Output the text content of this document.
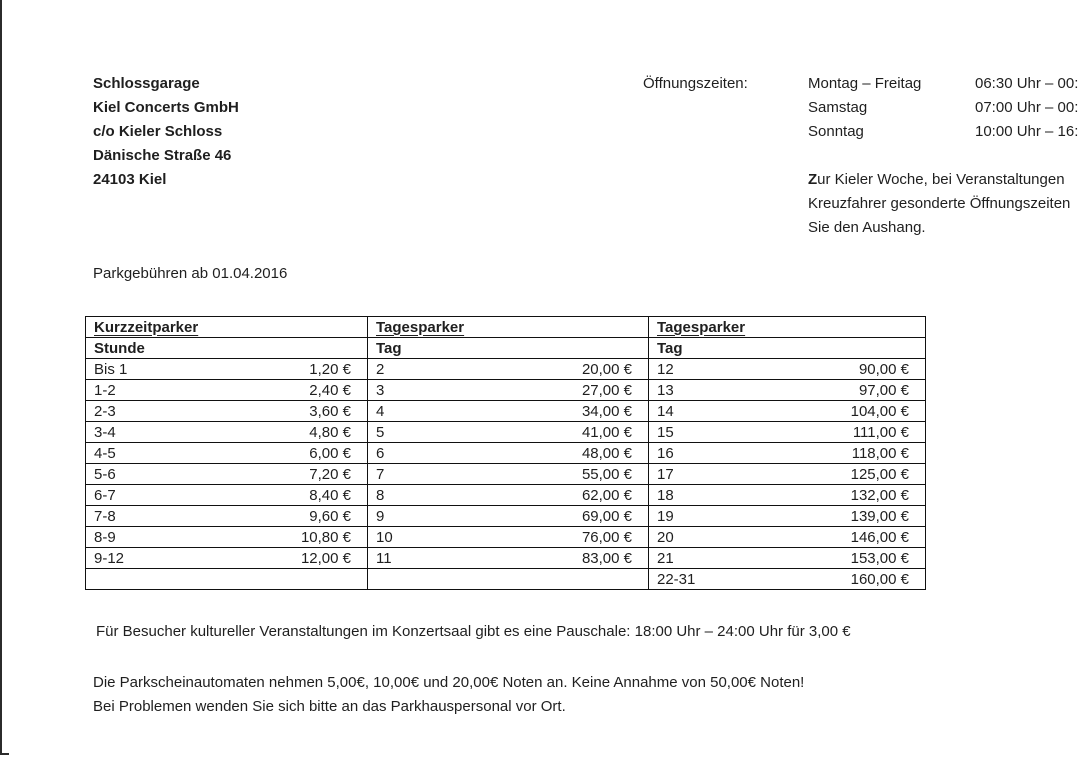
Schlossgarage
Kiel Concerts GmbH
c/o Kieler Schloss
Dänische Straße 46
24103 Kiel
Öffnungszeiten:	Montag – Freitag	06:30 Uhr – 00:
Samstag	07:00 Uhr – 00:
Sonntag	10:00 Uhr – 16:
Zur Kieler Woche, bei Veranstaltungen
Kreuzfahrer gesonderte Öffnungszeiten
Sie den Aushang.
Parkgebühren ab 01.04.2016
Kurzzeitparker	Tagesparker	Tagesparker
Stunde	Tag	Tag

Bis 1 1,20 €	2 20,00 €	12 90,00 €

1-2 2,40 €	3 27,00 €	13 97,00 €

2-3 3,60 €	4 34,00 €	14 104,00 €

3-4 4,80 €	5 41,00 €	15 111,00 €

4-5 6,00 €	6 48,00 €	16 118,00 €

5-6 7,20 €	7 55,00 €	17 125,00 €

6-7 8,40 €	8 62,00 €	18 132,00 €

7-8 9,60 €	9 69,00 €	19 139,00 €

8-9 10,80 €	10 76,00 €	20 146,00 €

9-12 12,00 €	11 83,00 €	21 153,00 €

		22-31 160,00 €
Für Besucher kultureller Veranstaltungen im Konzertsaal gibt es eine Pauschale: 18:00 Uhr – 24:00 Uhr für 3,00 €
Die Parkscheinautomaten nehmen 5,00€, 10,00€ und 20,00€ Noten an. Keine Annahme von 50,00€ Noten!
Bei Problemen wenden Sie sich bitte an das Parkhauspersonal vor Ort.
